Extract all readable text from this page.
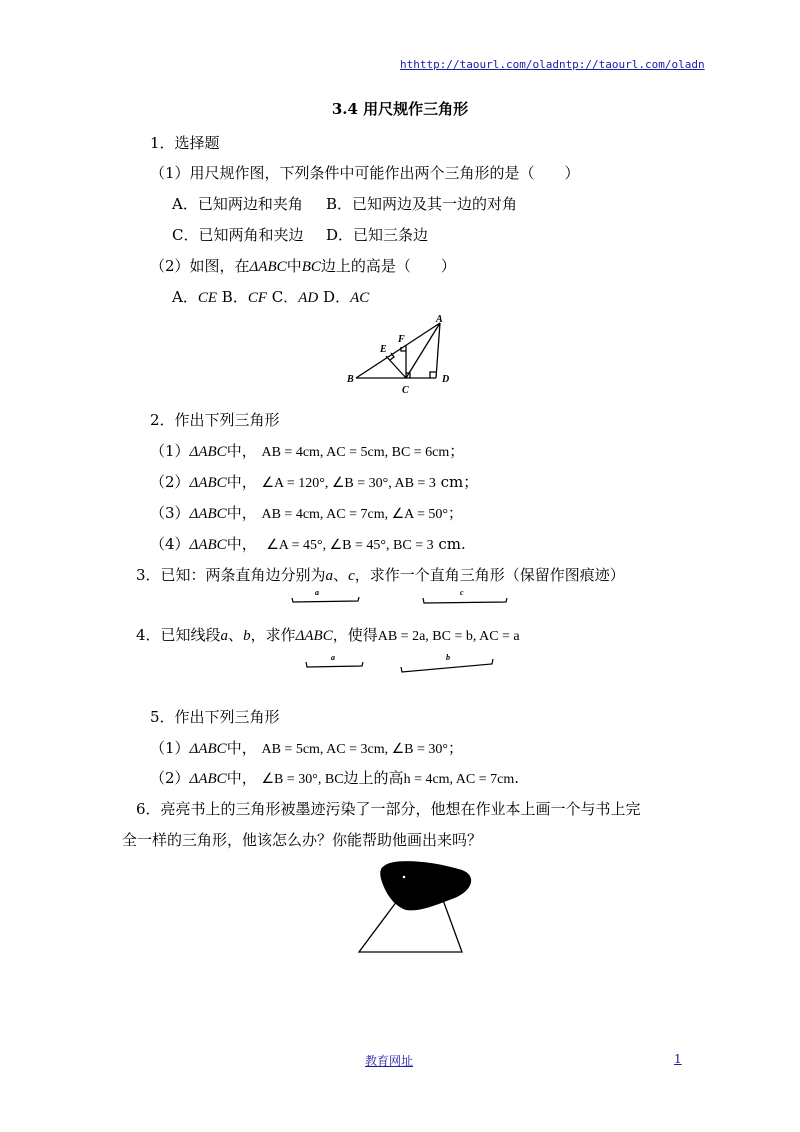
hthttp://taourl.com/oladntp://taourl.com/oladn
3.4 用尺规作三角形
1．选择题
（1）用尺规作图，下列条件中可能作出两个三角形的是（　　）
A．已知两边和夹角 B．已知两边及其一边的对角
C．已知两角和夹边 D．已知三条边
（2）如图，在ΔABC中BC边上的高是（　　）
A．CE B．CF C．AD D．AC
A
B
C
D
E
F
2．作出下列三角形
（1）ΔABC中， AB = 4cm, AC = 5cm, BC = 6cm；
（2）ΔABC中， ∠A = 120°, ∠B = 30°, AB = 3 cm；
（3）ΔABC中， AB = 4cm, AC = 7cm, ∠A = 50°；
（4）ΔABC中， ∠A = 45°, ∠B = 45°, BC = 3 cm.
3．已知：两条直角边分别为a、c，求作一个直角三角形（保留作图痕迹）
a	c
4．已知线段a、b，求作ΔABC，使得AB = 2a, BC = b, AC = a
a	b
5．作出下列三角形
（1）ΔABC中， AB = 5cm, AC = 3cm, ∠B = 30°；
（2）ΔABC中， ∠B = 30°, BC边上的高h = 4cm, AC = 7cm.
6．亮亮书上的三角形被墨迹污染了一部分，他想在作业本上画一个与书上完
全一样的三角形，他该怎么办？你能帮助他画出来吗？
教育网址	1
